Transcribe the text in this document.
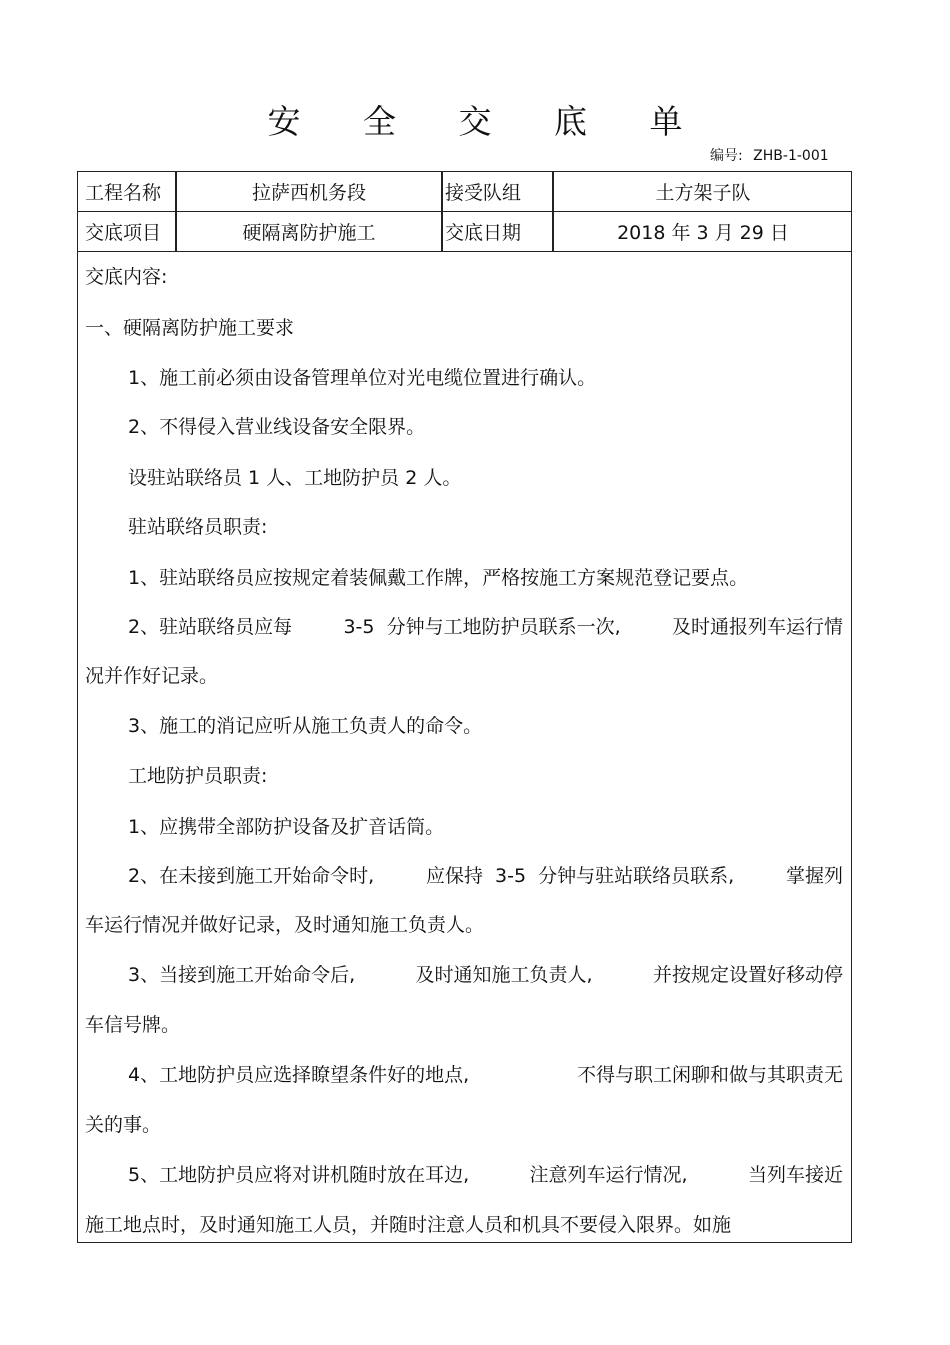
安 全 交 底 单
编号: ZHB-1-001
工程名称	拉萨西机务段	接受队组	土方架子队
交底项目	硬隔离防护施工	交底日期	2018 年 3 月 29 日
交底内容:
一、硬隔离防护施工要求
1、施工前必须由设备管理单位对光电缆位置进行确认。
2、不得侵入营业线设备安全限界。
设驻站联络员 1 人、工地防护员 2 人。
驻站联络员职责:
1、驻站联络员应按规定着装佩戴工作牌，严格按施工方案规范登记要点。
2、驻站联络员应每	3-5  分钟与工地防护员联系一次,	及时通报列车运行情
况并作好记录。
3、施工的消记应听从施工负责人的命令。
工地防护员职责:
1、应携带全部防护设备及扩音话筒。
2、在未接到施工开始命令时,	应保持  3-5  分钟与驻站联络员联系,	掌握列
车运行情况并做好记录，及时通知施工负责人。
3、当接到施工开始命令后,	及时通知施工负责人,	并按规定设置好移动停
车信号牌。
4、工地防护员应选择瞭望条件好的地点,	不得与职工闲聊和做与其职责无
关的事。
5、工地防护员应将对讲机随时放在耳边,	注意列车运行情况,	当列车接近
施工地点时，及时通知施工人员，并随时注意人员和机具不要侵入限界。如施
